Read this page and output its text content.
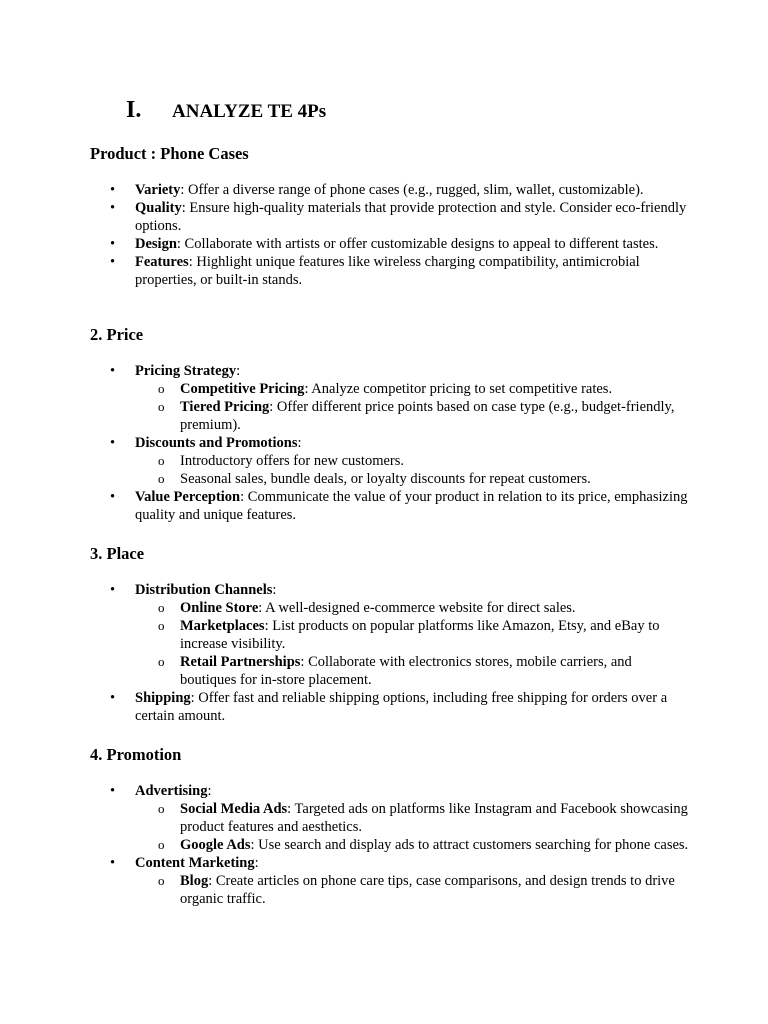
I. ANALYZE TE 4Ps
Product : Phone Cases
• Variety: Offer a diverse range of phone cases (e.g., rugged, slim, wallet, customizable).
• Quality: Ensure high-quality materials that provide protection and style. Consider eco-friendly options.
• Design: Collaborate with artists or offer customizable designs to appeal to different tastes.
• Features: Highlight unique features like wireless charging compatibility, antimicrobial properties, or built-in stands.
2. Price
• Pricing Strategy:
o Competitive Pricing: Analyze competitor pricing to set competitive rates.
o Tiered Pricing: Offer different price points based on case type (e.g., budget-friendly, premium).
• Discounts and Promotions:
o Introductory offers for new customers.
o Seasonal sales, bundle deals, or loyalty discounts for repeat customers.
• Value Perception: Communicate the value of your product in relation to its price, emphasizing quality and unique features.
3. Place
• Distribution Channels:
o Online Store: A well-designed e-commerce website for direct sales.
o Marketplaces: List products on popular platforms like Amazon, Etsy, and eBay to increase visibility.
o Retail Partnerships: Collaborate with electronics stores, mobile carriers, and boutiques for in-store placement.
• Shipping: Offer fast and reliable shipping options, including free shipping for orders over a certain amount.
4. Promotion
• Advertising:
o Social Media Ads: Targeted ads on platforms like Instagram and Facebook showcasing product features and aesthetics.
o Google Ads: Use search and display ads to attract customers searching for phone cases.
• Content Marketing:
o Blog: Create articles on phone care tips, case comparisons, and design trends to drive organic traffic.
